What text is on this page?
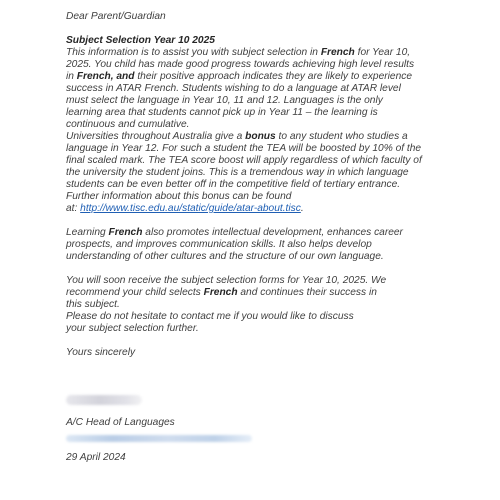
Dear Parent/Guardian
Subject Selection Year 10 2025
This information is to assist you with subject selection in French for Year 10,
2025. You child has made good progress towards achieving high level results
in French, and their positive approach indicates they are likely to experience
success in ATAR French. Students wishing to do a language at ATAR level
must select the language in Year 10, 11 and 12. Languages is the only
learning area that students cannot pick up in Year 11 – the learning is
continuous and cumulative.
Universities throughout Australia give a bonus to any student who studies a
language in Year 12. For such a student the TEA will be boosted by 10% of the
final scaled mark. The TEA score boost will apply regardless of which faculty of
the university the student joins. This is a tremendous way in which language
students can be even better off in the competitive field of tertiary entrance.
Further information about this bonus can be found
at: http://www.tisc.edu.au/static/guide/atar-about.tisc.
Learning French also promotes intellectual development, enhances career
prospects, and improves communication skills. It also helps develop
understanding of other cultures and the structure of our own language.
You will soon receive the subject selection forms for Year 10, 2025. We
recommend your child selects French and continues their success in
this subject.
Please do not hesitate to contact me if you would like to discuss
your subject selection further.
Yours sincerely
A/C Head of Languages
29 April 2024
